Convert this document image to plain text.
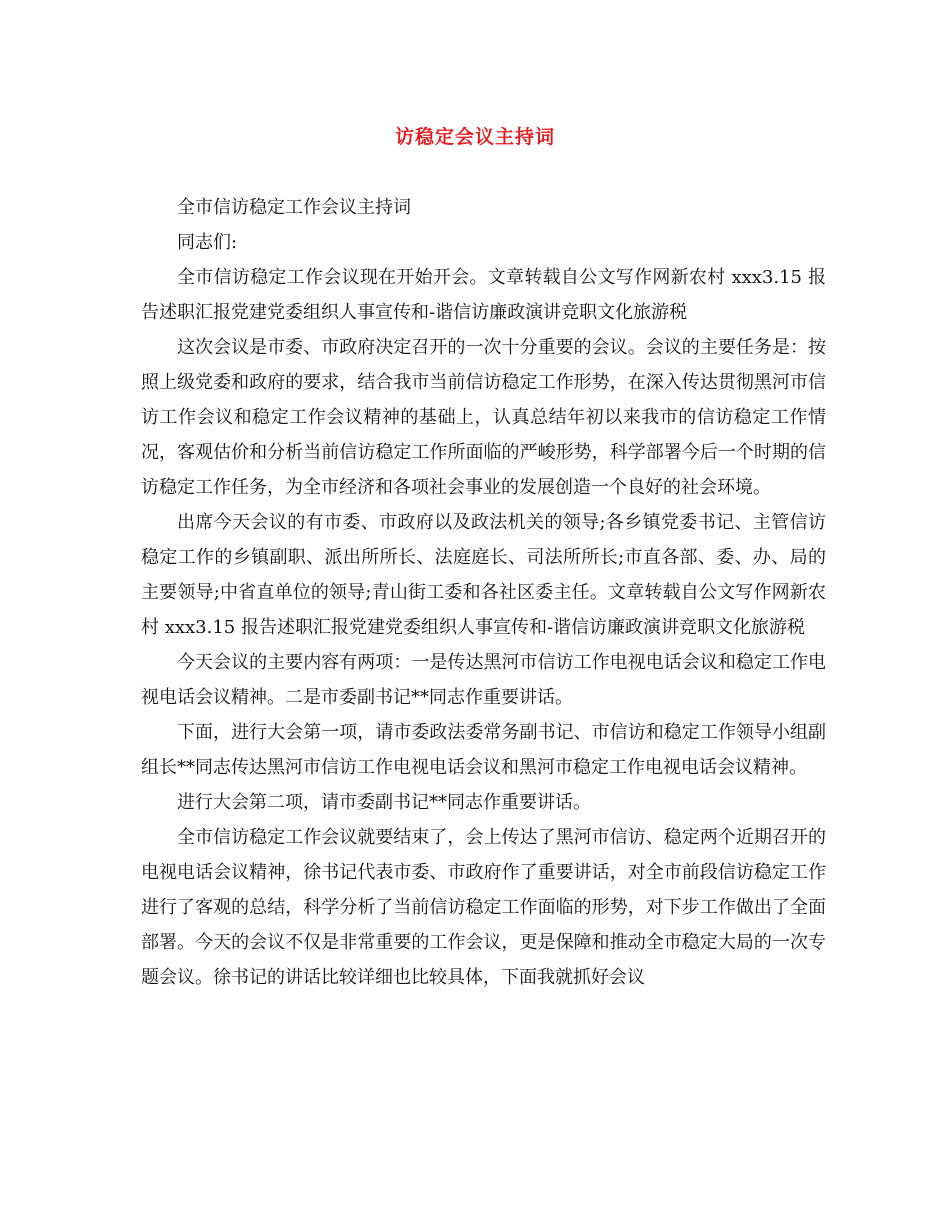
访稳定会议主持词

全市信访稳定工作会议主持词

同志们:

全市信访稳定工作会议现在开始开会。文章转载自公文写作网新农村 xxx3.15 报告述职汇报党建党委组织人事宣传和-谐信访廉政演讲竞职文化旅游税

这次会议是市委、市政府决定召开的一次十分重要的会议。会议的主要任务是：按照上级党委和政府的要求，结合我市当前信访稳定工作形势，在深入传达贯彻黑河市信访工作会议和稳定工作会议精神的基础上，认真总结年初以来我市的信访稳定工作情况，客观估价和分析当前信访稳定工作所面临的严峻形势，科学部署今后一个时期的信访稳定工作任务，为全市经济和各项社会事业的发展创造一个良好的社会环境。

出席今天会议的有市委、市政府以及政法机关的领导;各乡镇党委书记、主管信访稳定工作的乡镇副职、派出所所长、法庭庭长、司法所所长;市直各部、委、办、局的主要领导;中省直单位的领导;青山街工委和各社区委主任。文章转载自公文写作网新农村 xxx3.15 报告述职汇报党建党委组织人事宣传和-谐信访廉政演讲竞职文化旅游税

今天会议的主要内容有两项：一是传达黑河市信访工作电视电话会议和稳定工作电视电话会议精神。二是市委副书记**同志作重要讲话。

下面，进行大会第一项，请市委政法委常务副书记、市信访和稳定工作领导小组副组长**同志传达黑河市信访工作电视电话会议和黑河市稳定工作电视电话会议精神。

进行大会第二项，请市委副书记**同志作重要讲话。

全市信访稳定工作会议就要结束了，会上传达了黑河市信访、稳定两个近期召开的电视电话会议精神，徐书记代表市委、市政府作了重要讲话，对全市前段信访稳定工作进行了客观的总结，科学分析了当前信访稳定工作面临的形势，对下步工作做出了全面部署。今天的会议不仅是非常重要的工作会议，更是保障和推动全市稳定大局的一次专题会议。徐书记的讲话比较详细也比较具体，下面我就抓好会议
